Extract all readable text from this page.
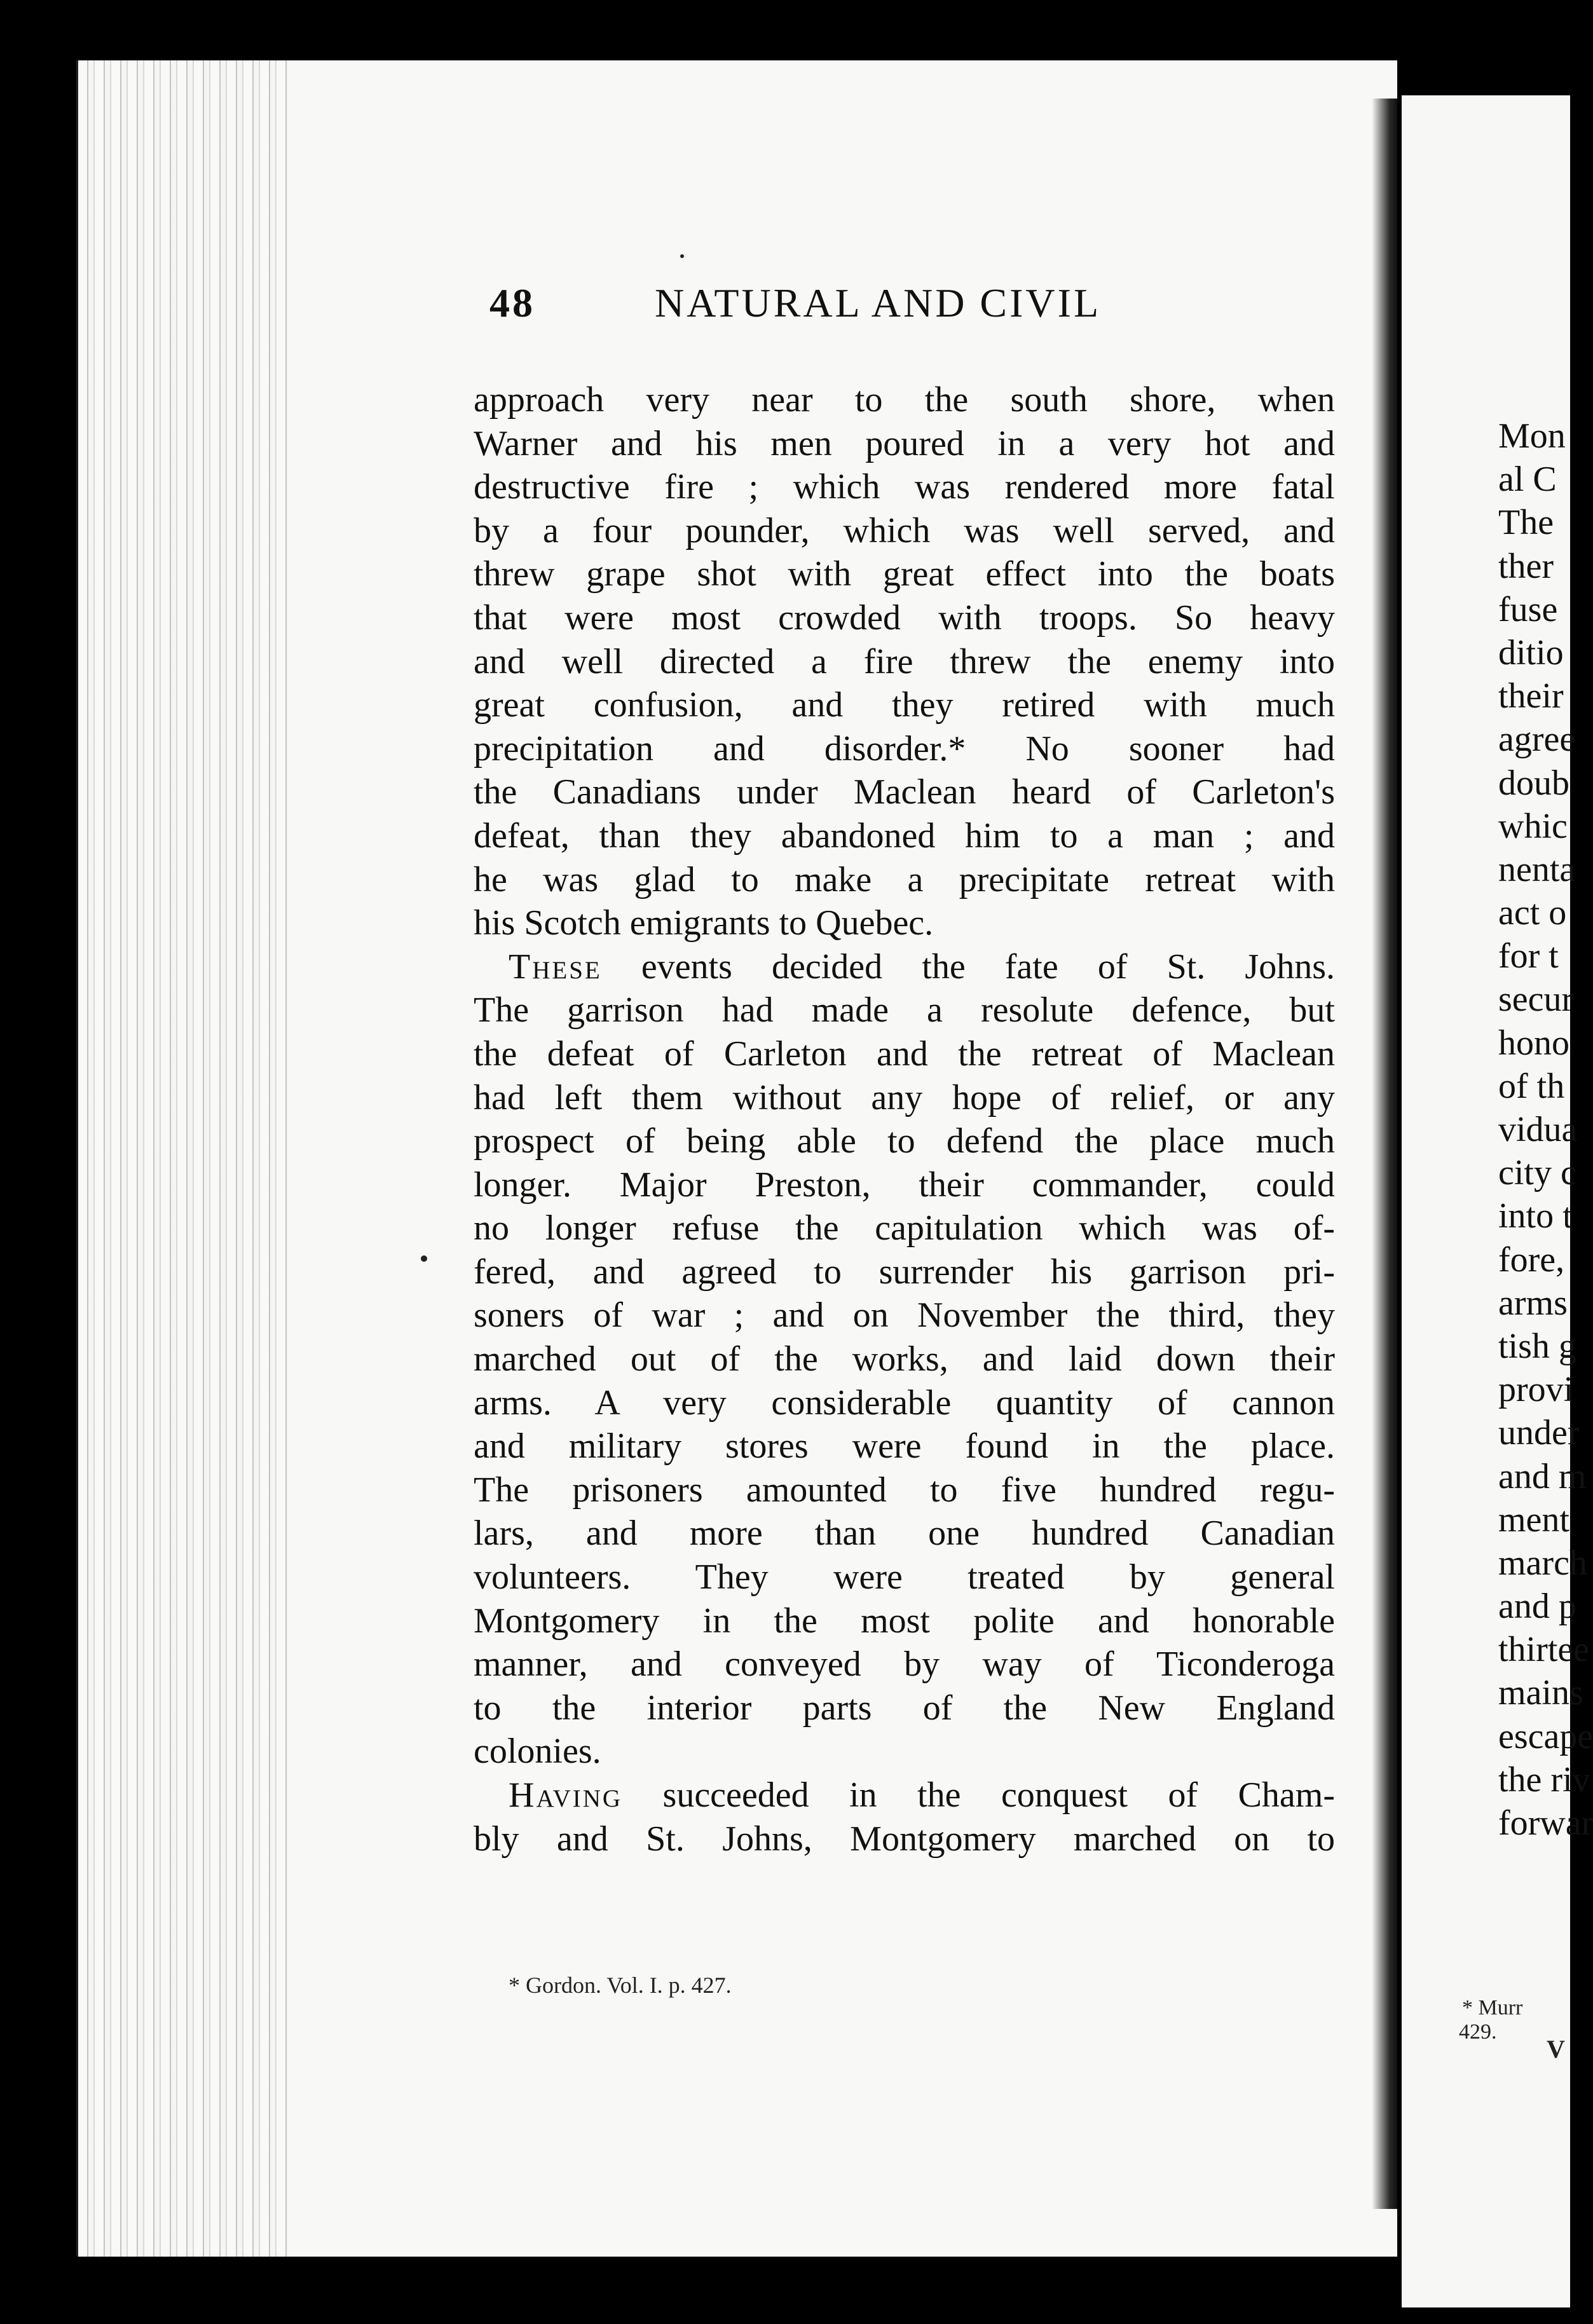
48	NATURAL AND CIVIL
approach very near to the south shore, when
Warner and his men poured in a very hot and
destructive fire ; which was rendered more fatal
by a four pounder, which was well served, and
threw grape shot with great effect into the boats
that were most crowded with troops. So heavy
and well directed a fire threw the enemy into
great confusion, and they retired with much
precipitation and disorder.* No sooner had
the Canadians under Maclean heard of Carleton's
defeat, than they abandoned him to a man ; and
he was glad to make a precipitate retreat with
his Scotch emigrants to Quebec.
These events decided the fate of St. Johns.
The garrison had made a resolute defence, but
the defeat of Carleton and the retreat of Maclean
had left them without any hope of relief, or any
prospect of being able to defend the place much
longer. Major Preston, their commander, could
no longer refuse the capitulation which was of-
fered, and agreed to surrender his garrison pri-
soners of war ; and on November the third, they
marched out of the works, and laid down their
arms. A very considerable quantity of cannon
and military stores were found in the place.
The prisoners amounted to five hundred regu-
lars, and more than one hundred Canadian
volunteers. They were treated by general
Montgomery in the most polite and honorable
manner, and conveyed by way of Ticonderoga
to the interior parts of the New England
colonies.
Having succeeded in the conquest of Cham-
bly and St. Johns, Montgomery marched on to
* Gordon. Vol. I. p. 427.
Mon
al C
The
ther
fuse
ditio
their
agree
doub
whic
nenta
act o
for t
secur
hono
of th
vidua
city c
into t
fore,
arms
tish g
provi
under
and m
ment
march
and p
thirtee
mains
escape
the riv
forwar
* Murr
429.
V
